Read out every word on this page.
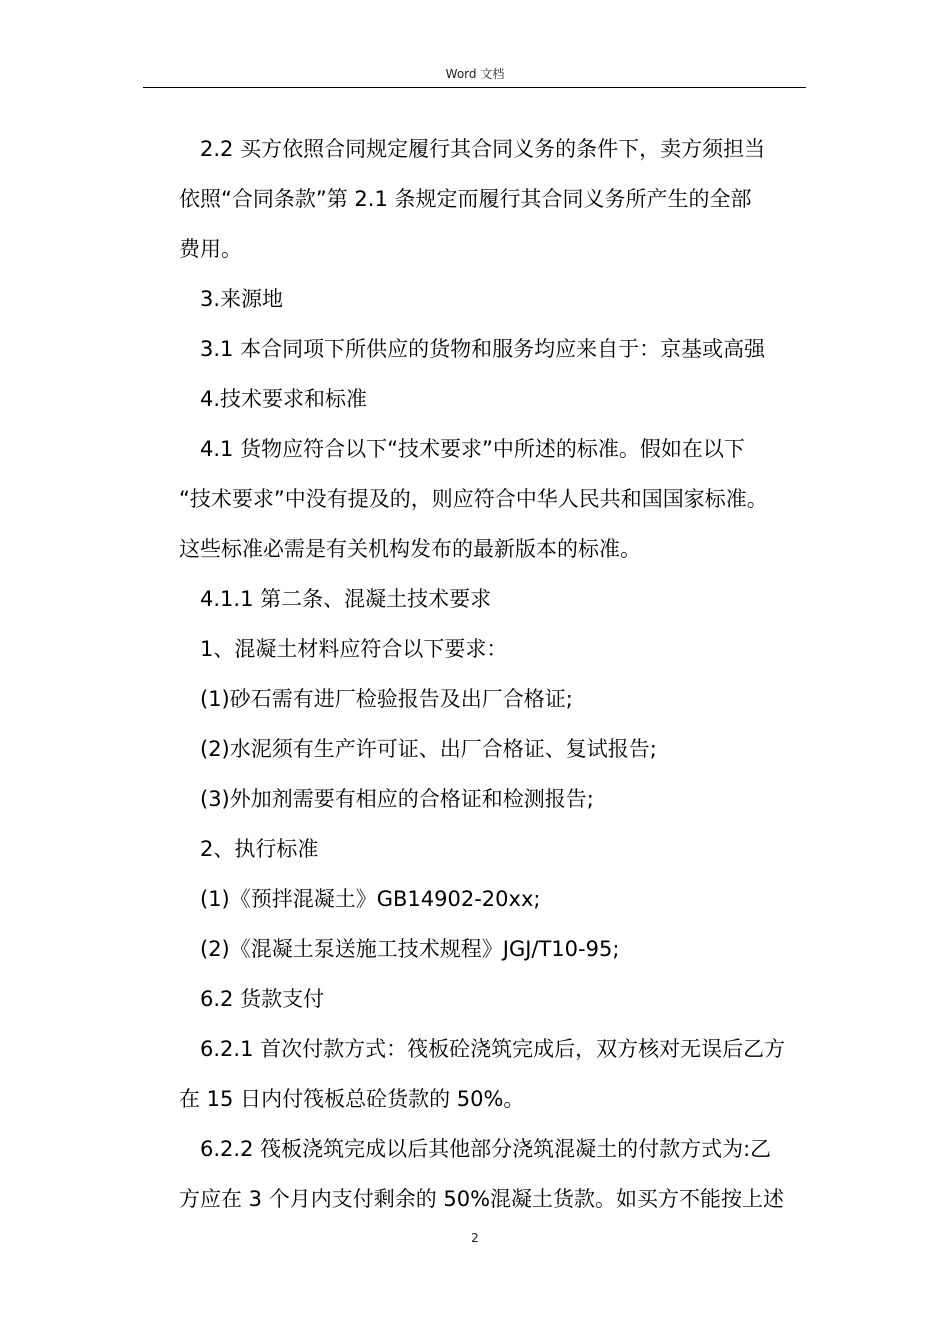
Word 文档

2.2 买方依照合同规定履行其合同义务的条件下，卖方须担当

依照“合同条款”第 2.1 条规定而履行其合同义务所产生的全部

费用。

3.来源地

3.1 本合同项下所供应的货物和服务均应来自于：京基或高强

4.技术要求和标准

4.1 货物应符合以下“技术要求”中所述的标准。假如在以下

“技术要求”中没有提及的，则应符合中华人民共和国国家标准。

这些标准必需是有关机构发布的最新版本的标准。

4.1.1 第二条、混凝土技术要求

1、混凝土材料应符合以下要求：

(1)砂石需有进厂检验报告及出厂合格证;

(2)水泥须有生产许可证、出厂合格证、复试报告;

(3)外加剂需要有相应的合格证和检测报告;

2、执行标准

(1)《预拌混凝土》GB14902-20xx;

(2)《混凝土泵送施工技术规程》JGJ/T10-95;

6.2 货款支付

6.2.1 首次付款方式：筏板砼浇筑完成后，双方核对无误后乙方

在 15 日内付筏板总砼货款的 50%。

6.2.2 筏板浇筑完成以后其他部分浇筑混凝土的付款方式为:乙

方应在 3 个月内支付剩余的 50%混凝土货款。如买方不能按上述

2
